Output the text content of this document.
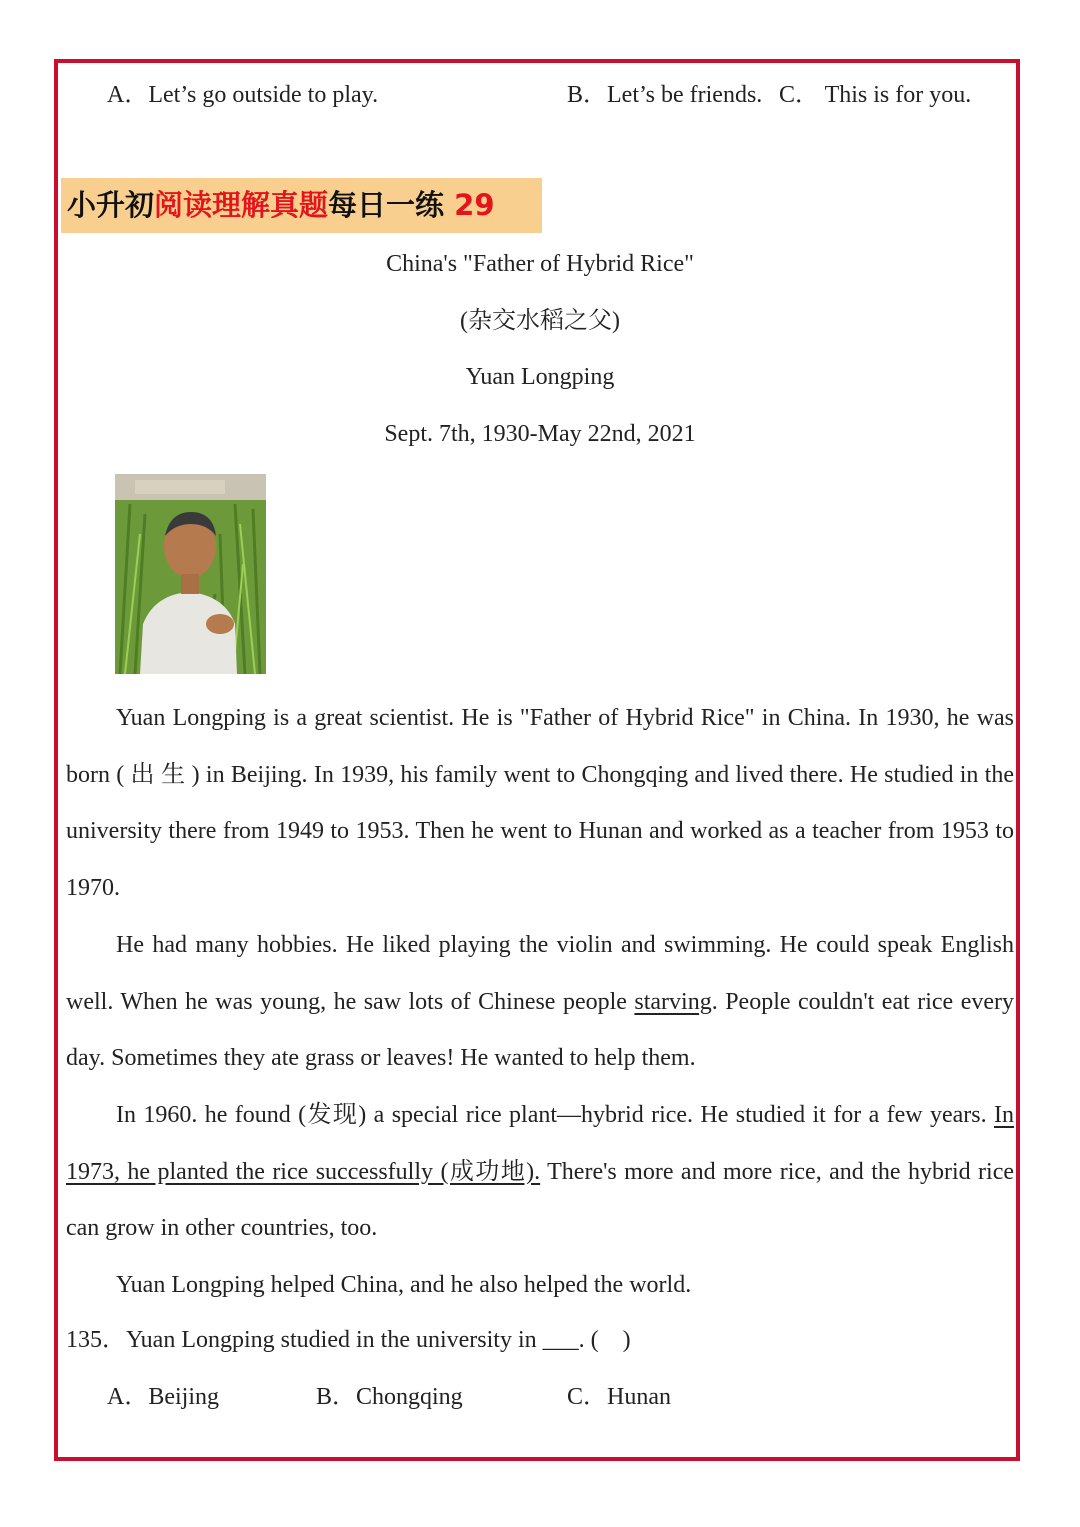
A．Let’s go outside to play.	B．Let’s be friends. C． This is for you.
小升初阅读理解真题每日一练 29
China's "Father of Hybrid Rice"
(杂交水稻之父)
Yuan Longping
Sept. 7th, 1930-May 22nd, 2021

Yuan Longping is a great scientist. He is "Father of Hybrid Rice" in China. In 1930, he was born ( 出 生 ) in Beijing. In 1939, his family went to Chongqing and lived there. He studied in the university there from 1949 to 1953. Then he went to Hunan and worked as a teacher from 1953 to 1970.

He had many hobbies. He liked playing the violin and swimming. He could speak English well. When he was young, he saw lots of Chinese people starving. People couldn't eat rice every day. Sometimes they ate grass or leaves! He wanted to help them.

In 1960. he found (发现) a special rice plant—hybrid rice. He studied it for a few years. In 1973, he planted the rice successfully (成功地). There's more and more rice, and the hybrid rice can grow in other countries, too.

Yuan Longping helped China, and he also helped the world.

135．Yuan Longping studied in the university in ___. (　)
A．Beijing	B．Chongqing	C．Hunan
